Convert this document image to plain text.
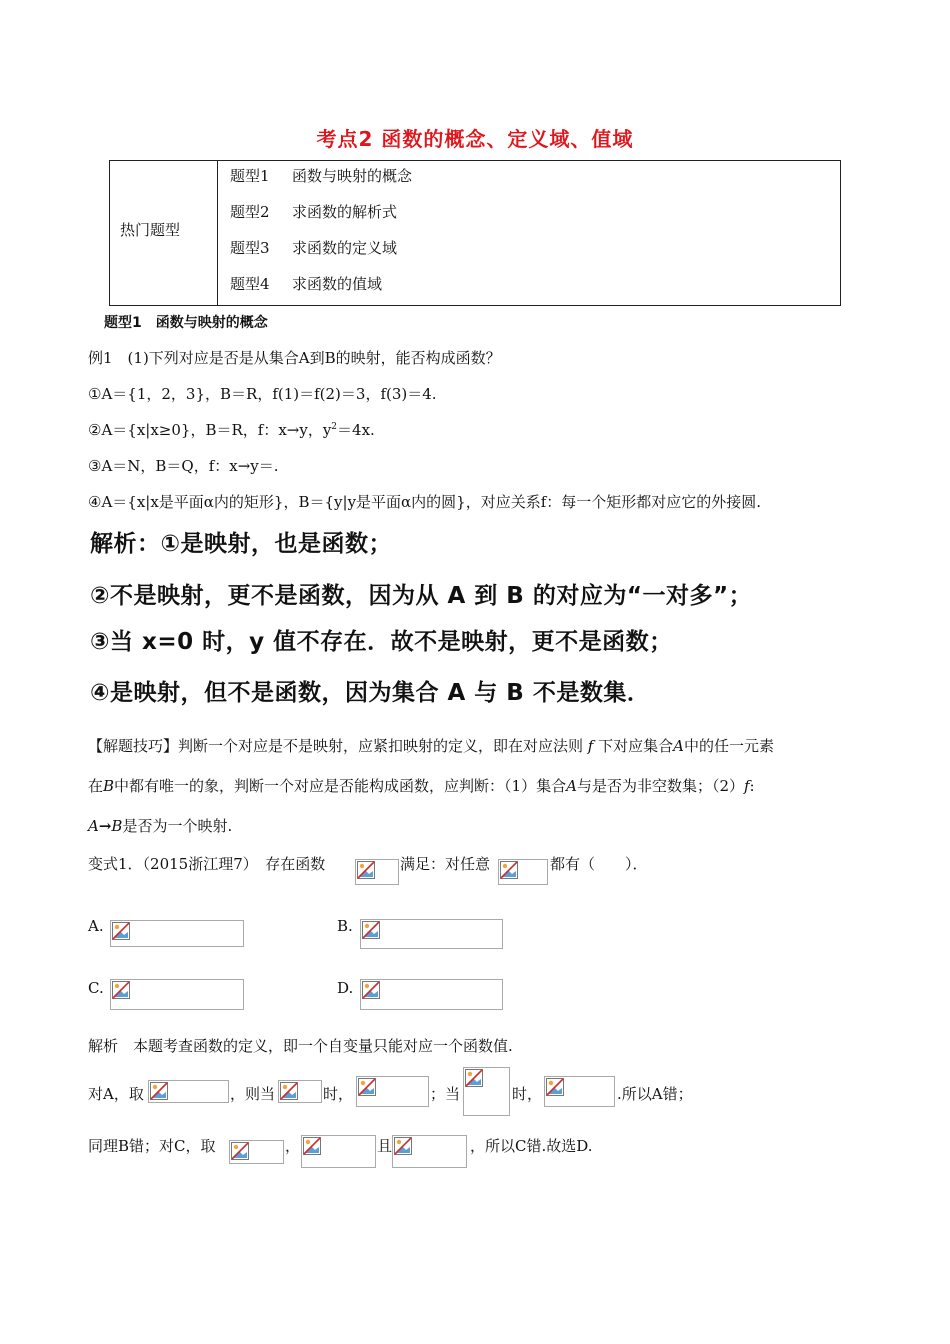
考点2 函数的概念、定义域、值域
热门题型
题型1 函数与映射的概念
题型2 求函数的解析式
题型3 求函数的定义域
题型4 求函数的值域
题型1　函数与映射的概念
例1　(1)下列对应是否是从集合A到B的映射，能否构成函数？
①A＝{1，2，3}，B＝R，f(1)＝f(2)＝3，f(3)＝4.
②A＝{x|x≥0}，B＝R，f：x→y，$y^2=4x$.
③A＝N，B＝Q，f：x→y＝.
④A＝{x|x是平面α内的矩形}，B＝{y|y是平面α内的圆}，对应关系f：每一个矩形都对应它的外接圆.
解析：①是映射，也是函数；
②不是映射，更不是函数，因为从 A 到 B 的对应为“一对多”；
③当 x=0 时，y 值不存在．故不是映射，更不是函数；
④是映射，但不是函数，因为集合 A 与 B 不是数集．
【解题技巧】判断一个对应是不是映射，应紧扣映射的定义，即在对应法则 f 下对应集合A中的任一元素
在B中都有唯一的象，判断一个对应是否能构成函数，应判断：（1）集合A与是否为非空数集；（2）f:
A→B是否为一个映射.
变式1．（2015浙江理7）　存在函数	满足：对任意	都有（　　）．
A.	B.
C.	D.
解析　本题考查函数的定义，即一个自变量只能对应一个函数值.
对A，取	，则当	时，	；当	时，	.所以A错；
同理B错；对C，取	，	且	，所以C错.故选D.
